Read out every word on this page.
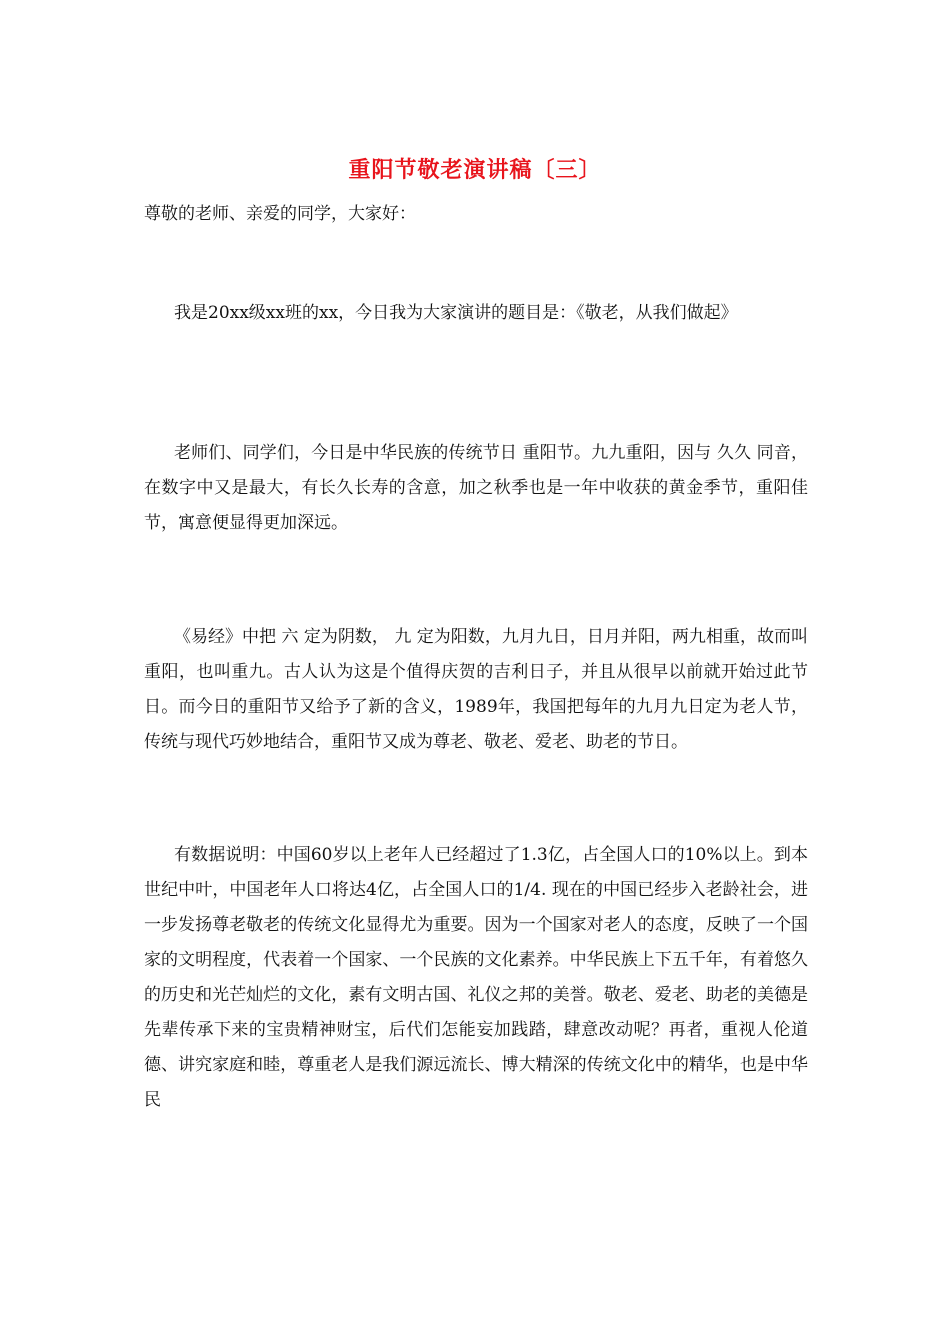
重阳节敬老演讲稿〔三〕

尊敬的老师、亲爱的同学，大家好：

我是20xx级xx班的xx，今日我为大家演讲的题目是：《敬老，从我们做起》

老师们、同学们，今日是中华民族的传统节日 重阳节。九九重阳，因与 久久 同音，在数字中又是最大，有长久长寿的含意，加之秋季也是一年中收获的黄金季节，重阳佳节，寓意便显得更加深远。

《易经》中把 六 定为阴数， 九 定为阳数，九月九日，日月并阳，两九相重，故而叫重阳，也叫重九。古人认为这是个值得庆贺的吉利日子，并且从很早以前就开始过此节日。而今日的重阳节又给予了新的含义，1989年，我国把每年的九月九日定为老人节，传统与现代巧妙地结合，重阳节又成为尊老、敬老、爱老、助老的节日。

有数据说明：中国60岁以上老年人已经超过了1.3亿，占全国人口的10%以上。到本世纪中叶，中国老年人口将达4亿，占全国人口的1/4. 现在的中国已经步入老龄社会，进一步发扬尊老敬老的传统文化显得尤为重要。因为一个国家对老人的态度，反映了一个国家的文明程度，代表着一个国家、一个民族的文化素养。中华民族上下五千年，有着悠久的历史和光芒灿烂的文化，素有文明古国、礼仪之邦的美誉。敬老、爱老、助老的美德是先辈传承下来的宝贵精神财宝，后代们怎能妄加践踏，肆意改动呢？再者，重视人伦道德、讲究家庭和睦，尊重老人是我们源远流长、博大精深的传统文化中的精华，也是中华民
